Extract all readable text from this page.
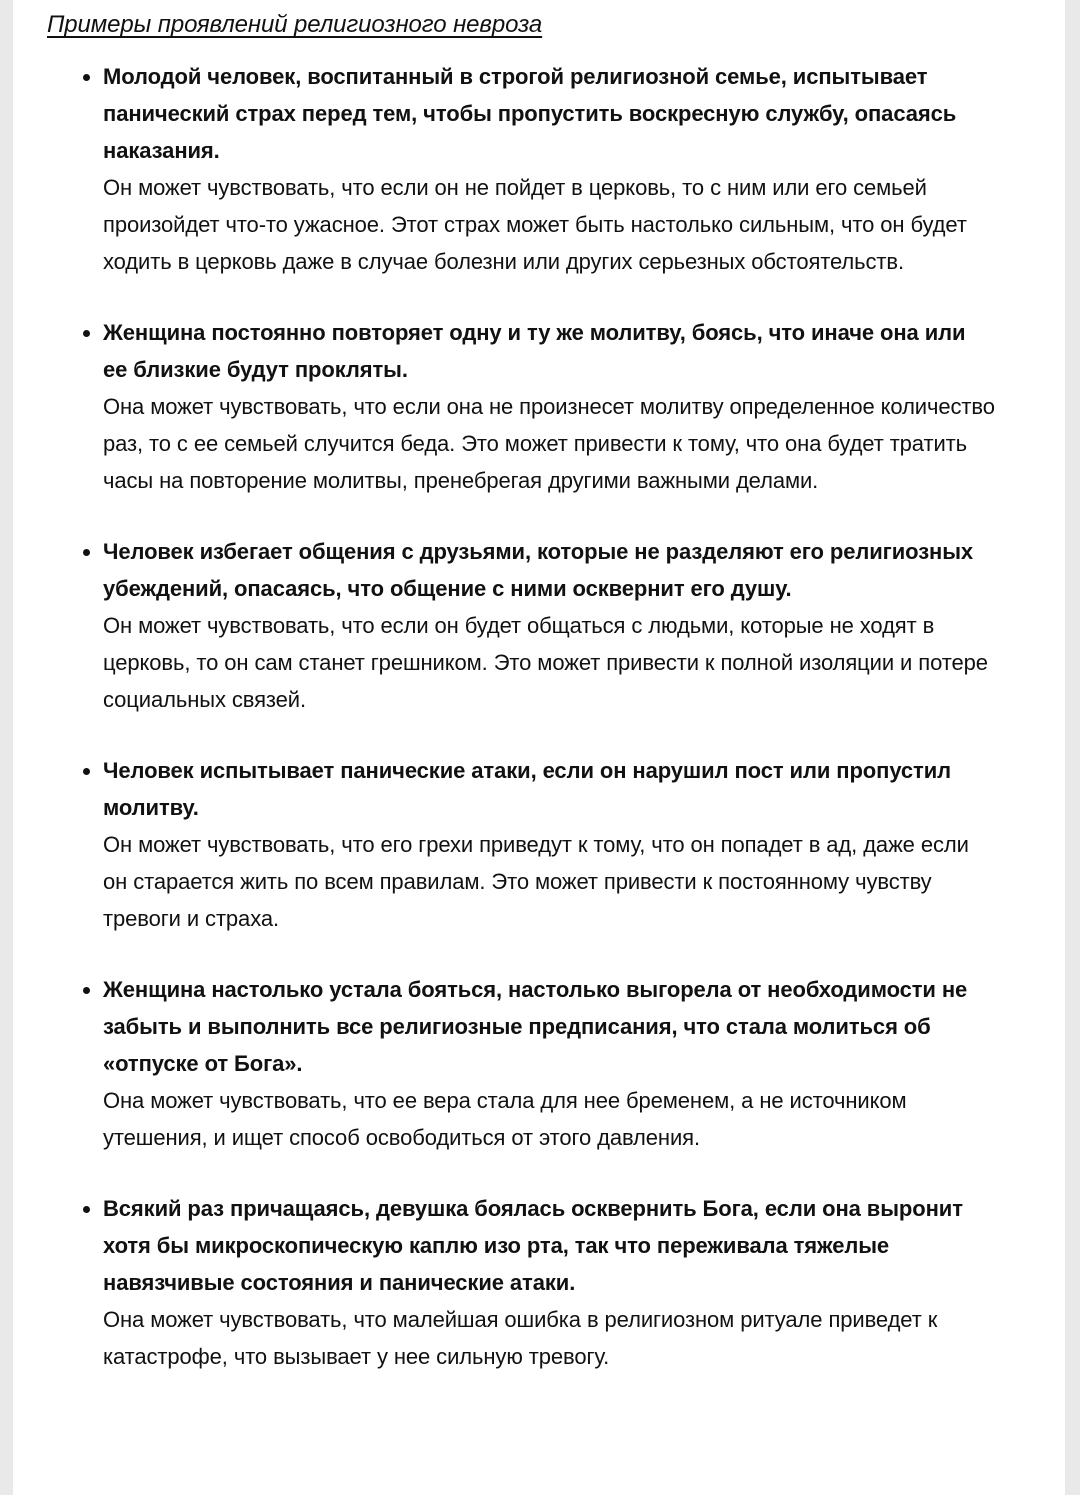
Примеры проявлений религиозного невроза
• Молодой человек, воспитанный в строгой религиозной семье, испытывает панический страх перед тем, чтобы пропустить воскресную службу, опасаясь наказания.
Он может чувствовать, что если он не пойдет в церковь, то с ним или его семьей произойдет что-то ужасное. Этот страх может быть настолько сильным, что он будет ходить в церковь даже в случае болезни или других серьезных обстоятельств.
• Женщина постоянно повторяет одну и ту же молитву, боясь, что иначе она или ее близкие будут прокляты.
Она может чувствовать, что если она не произнесет молитву определенное количество раз, то с ее семьей случится беда. Это может привести к тому, что она будет тратить часы на повторение молитвы, пренебрегая другими важными делами.
• Человек избегает общения с друзьями, которые не разделяют его религиозных убеждений, опасаясь, что общение с ними осквернит его душу.
Он может чувствовать, что если он будет общаться с людьми, которые не ходят в церковь, то он сам станет грешником. Это может привести к полной изоляции и потере социальных связей.
• Человек испытывает панические атаки, если он нарушил пост или пропустил молитву.
Он может чувствовать, что его грехи приведут к тому, что он попадет в ад, даже если он старается жить по всем правилам. Это может привести к постоянному чувству тревоги и страха.
• Женщина настолько устала бояться, настолько выгорела от необходимости не забыть и выполнить все религиозные предписания, что стала молиться об «отпуске от Бога».
Она может чувствовать, что ее вера стала для нее бременем, а не источником утешения, и ищет способ освободиться от этого давления.
• Всякий раз причащаясь, девушка боялась осквернить Бога, если она выронит хотя бы микроскопическую каплю изо рта, так что переживала тяжелые навязчивые состояния и панические атаки.
Она может чувствовать, что малейшая ошибка в религиозном ритуале приведет к катастрофе, что вызывает у нее сильную тревогу.
